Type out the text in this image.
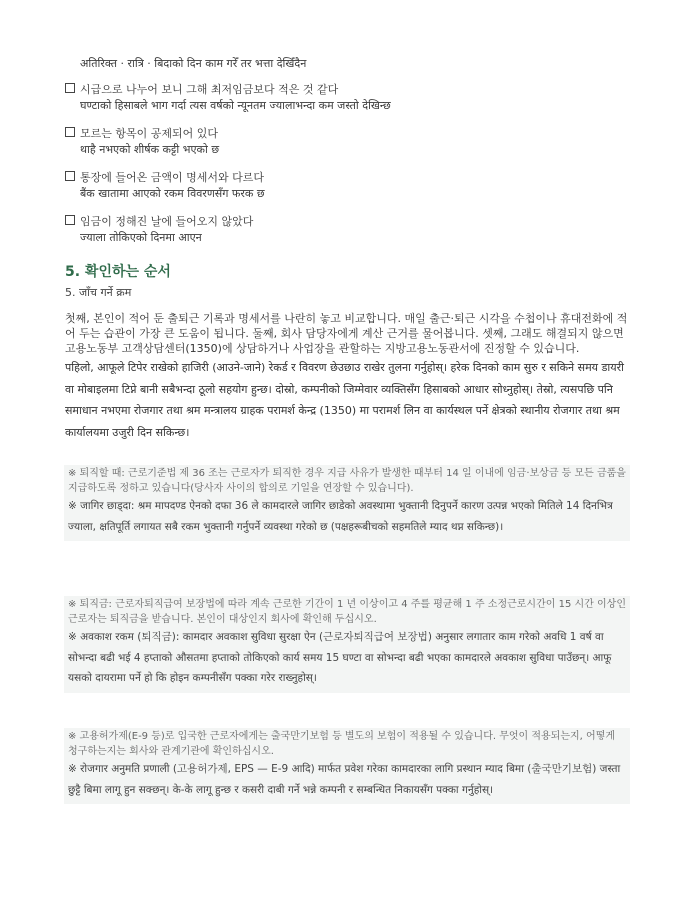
अतिरिक्त · रात्रि · बिदाको दिन काम गरेँ तर भत्ता देखिँदैन

시급으로 나누어 보니 그해 최저임금보다 적은 것 같다

घण्टाको हिसाबले भाग गर्दा त्यस वर्षको न्यूनतम ज्यालाभन्दा कम जस्तो देखिन्छ

모르는 항목이 공제되어 있다

थाहै नभएको शीर्षक कट्टी भएको छ

통장에 들어온 금액이 명세서와 다르다

बैंक खातामा आएको रकम विवरणसँग फरक छ

임금이 정해진 날에 들어오지 않았다

ज्याला तोकिएको दिनमा आएन

5. 확인하는 순서

5. जाँच गर्ने क्रम

첫째, 본인이 적어 둔 출퇴근 기록과 명세서를 나란히 놓고 비교합니다. 매일 출근·퇴근 시각을 수첩이나 휴대전화에 적어 두는 습관이 가장 큰 도움이 됩니다. 둘째, 회사 담당자에게 계산 근거를 물어봅니다. 셋째, 그래도 해결되지 않으면 고용노동부 고객상담센터(1350)에 상담하거나 사업장을 관할하는 지방고용노동관서에 진정할 수 있습니다.

पहिलो, आफूले टिपेर राखेको हाजिरी (आउने-जाने) रेकर्ड र विवरण छेउछाउ राखेर तुलना गर्नुहोस्। हरेक दिनको काम सुरु र सकिने समय डायरी वा मोबाइलमा टिप्ने बानी सबैभन्दा ठूलो सहयोग हुन्छ। दोस्रो, कम्पनीको जिम्मेवार व्यक्तिसँग हिसाबको आधार सोध्नुहोस्। तेस्रो, त्यसपछि पनि समाधान नभएमा रोजगार तथा श्रम मन्त्रालय ग्राहक परामर्श केन्द्र (1350) मा परामर्श लिन वा कार्यस्थल पर्ने क्षेत्रको स्थानीय रोजगार तथा श्रम कार्यालयमा उजुरी दिन सकिन्छ।

※ 퇴직할 때: 근로기준법 제 36 조는 근로자가 퇴직한 경우 지급 사유가 발생한 때부터 14 일 이내에 임금·보상금 등 모든 금품을 지급하도록 정하고 있습니다(당사자 사이의 합의로 기일을 연장할 수 있습니다).

※ जागिर छाड्दा: श्रम मापदण्ड ऐनको दफा 36 ले कामदारले जागिर छाडेको अवस्थामा भुक्तानी दिनुपर्ने कारण उत्पन्न भएको मितिले 14 दिनभित्र ज्याला, क्षतिपूर्ति लगायत सबै रकम भुक्तानी गर्नुपर्ने व्यवस्था गरेको छ (पक्षहरूबीचको सहमतिले म्याद थप्न सकिन्छ)।

※ 퇴직금: 근로자퇴직급여 보장법에 따라 계속 근로한 기간이 1 년 이상이고 4 주를 평균해 1 주 소정근로시간이 15 시간 이상인 근로자는 퇴직금을 받습니다. 본인이 대상인지 회사에 확인해 두십시오.

※ अवकाश रकम (퇴직금): कामदार अवकाश सुविधा सुरक्षा ऐन (근로자퇴직급여 보장법) अनुसार लगातार काम गरेको अवधि 1 वर्ष वा सोभन्दा बढी भई 4 हप्ताको औसतमा हप्ताको तोकिएको कार्य समय 15 घण्टा वा सोभन्दा बढी भएका कामदारले अवकाश सुविधा पाउँछन्। आफू यसको दायरामा पर्ने हो कि होइन कम्पनीसँग पक्का गरेर राख्नुहोस्।

※ 고용허가제(E-9 등)로 입국한 근로자에게는 출국만기보험 등 별도의 보험이 적용될 수 있습니다. 무엇이 적용되는지, 어떻게 청구하는지는 회사와 관계기관에 확인하십시오.

※ रोजगार अनुमति प्रणाली (고용허가제, EPS — E-9 आदि) मार्फत प्रवेश गरेका कामदारका लागि प्रस्थान म्याद बिमा (출국만기보험) जस्ता छुट्टै बिमा लागू हुन सक्छन्। के-के लागू हुन्छ र कसरी दाबी गर्ने भन्ने कम्पनी र सम्बन्धित निकायसँग पक्का गर्नुहोस्।
